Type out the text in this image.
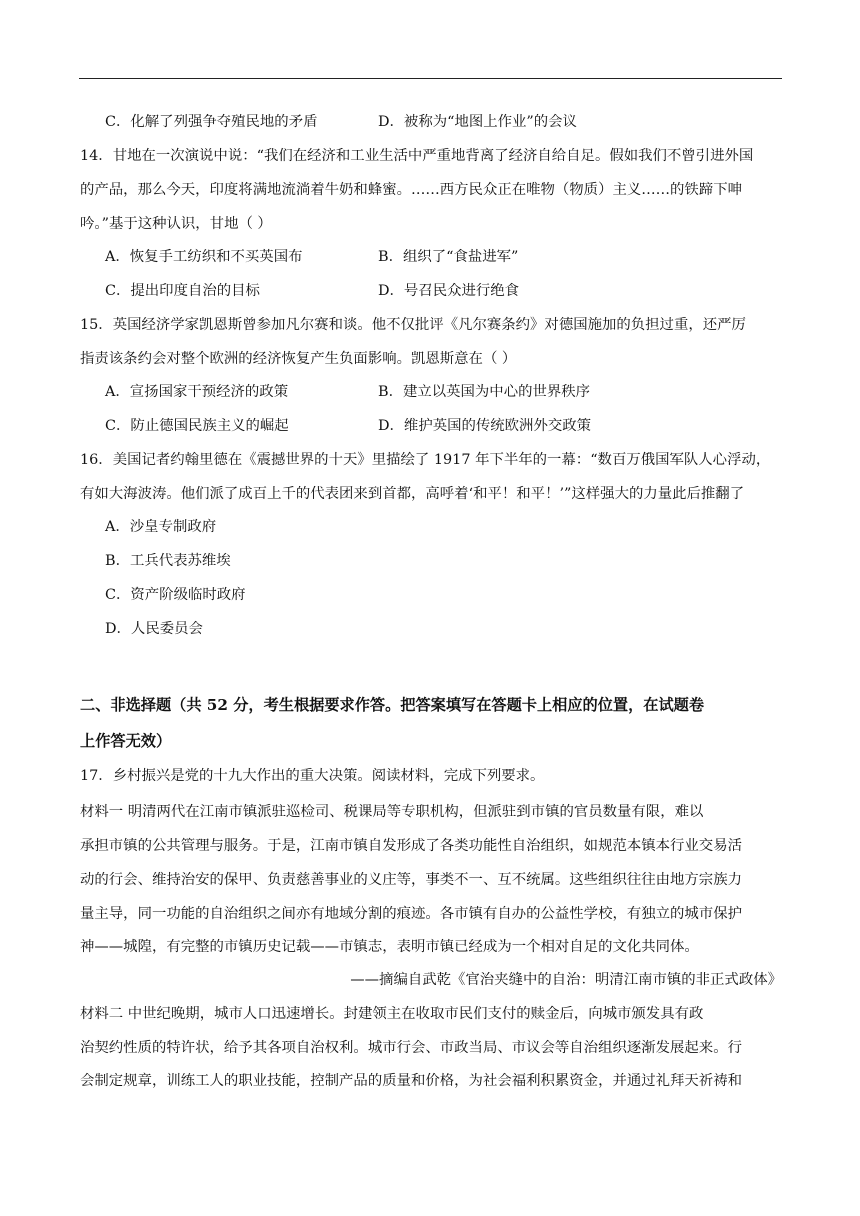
C．化解了列强争夺殖民地的矛盾	D．被称为“地图上作业”的会议
14．甘地在一次演说中说：“我们在经济和工业生活中严重地背离了经济自给自足。假如我们不曾引进外国
的产品，那么今天，印度将满地流淌着牛奶和蜂蜜。……西方民众正在唯物（物质）主义……的铁蹄下呻
吟。”基于这种认识，甘地（ ）
A．恢复手工纺织和不买英国布	B．组织了“食盐进军”
C．提出印度自治的目标	D．号召民众进行绝食
15．英国经济学家凯恩斯曾参加凡尔赛和谈。他不仅批评《凡尔赛条约》对德国施加的负担过重，还严厉
指责该条约会对整个欧洲的经济恢复产生负面影响。凯恩斯意在（ ）
A．宣扬国家干预经济的政策	B．建立以英国为中心的世界秩序
C．防止德国民族主义的崛起	D．维护英国的传统欧洲外交政策
16．美国记者约翰里德在《震撼世界的十天》里描绘了 1917 年下半年的一幕：“数百万俄国军队人心浮动，
有如大海波涛。他们派了成百上千的代表团来到首都，高呼着‘和平！和平！’”这样强大的力量此后推翻了
A．沙皇专制政府
B．工兵代表苏维埃
C．资产阶级临时政府
D．人民委员会
二、非选择题（共 52 分，考生根据要求作答。把答案填写在答题卡上相应的位置，在试题卷
上作答无效）
17．乡村振兴是党的十九大作出的重大决策。阅读材料，完成下列要求。
材料一 明清两代在江南市镇派驻巡检司、税课局等专职机构，但派驻到市镇的官员数量有限，难以
承担市镇的公共管理与服务。于是，江南市镇自发形成了各类功能性自治组织，如规范本镇本行业交易活
动的行会、维持治安的保甲、负责慈善事业的义庄等，事类不一、互不统属。这些组织往往由地方宗族力
量主导，同一功能的自治组织之间亦有地域分割的痕迹。各市镇有自办的公益性学校，有独立的城市保护
神——城隍，有完整的市镇历史记载——市镇志，表明市镇已经成为一个相对自足的文化共同体。
——摘编自武乾《官治夹缝中的自治：明清江南市镇的非正式政体》
材料二 中世纪晚期，城市人口迅速增长。封建领主在收取市民们支付的赎金后，向城市颁发具有政
治契约性质的特许状，给予其各项自治权利。城市行会、市政当局、市议会等自治组织逐渐发展起来。行
会制定规章，训练工人的职业技能，控制产品的质量和价格，为社会福利积累资金，并通过礼拜天祈祷和
